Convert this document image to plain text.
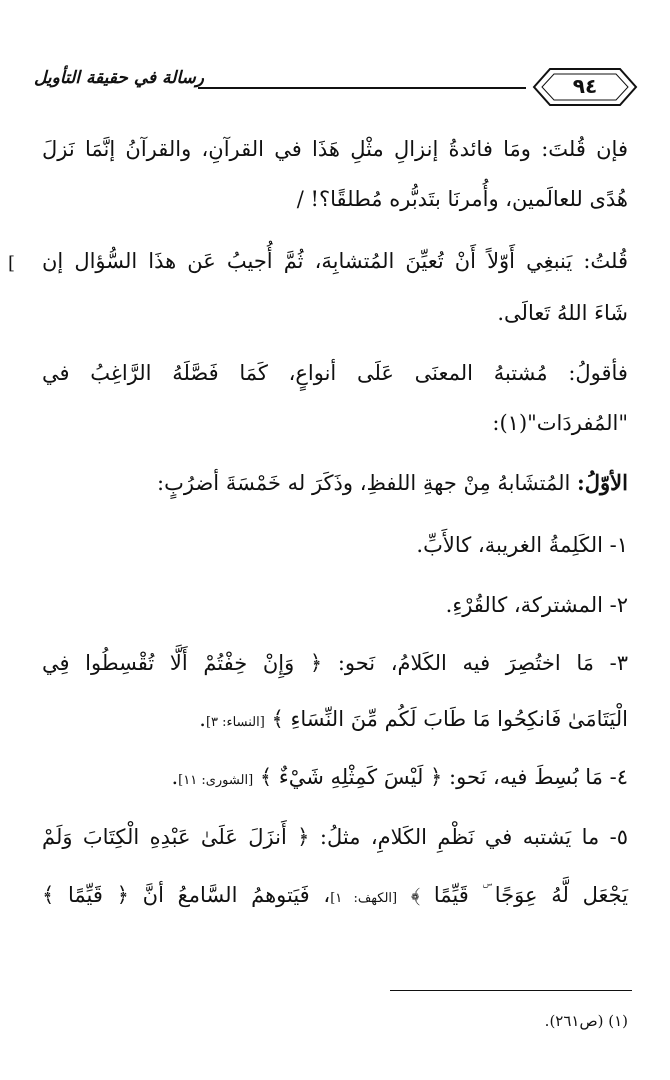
رسالة في حقيقة التأويل	٩٤
[
فإن قُلتَ: ومَا فائدةُ إنزالِ مثْلِ هَذَا في القرآنِ، والقرآنُ إنَّمَا نَزلَ
هُدًى للعالَمين، وأُمرنَا بتَدبُّره مُطلقًا؟! /
قُلتُ: يَنبغِي أَوّلاً أَنْ تُعيِّنَ المُتشابِهَ، ثُمَّ أُجيبُ عَن هذَا السُّؤال إن
شَاءَ اللهُ تَعالَى.
فأقولُ: مُشتبهُ المعنَى عَلَى أنواعٍ، كَمَا فَصَّلَهُ الرَّاغِبُ في
"المُفردَات"(١):
الأوّلُ: المُتشَابهُ مِنْ جهةِ اللفظِ، وذَكَرَ له خَمْسَةَ أضرُبٍ:
١- الكَلِمةُ الغريبة، كالأَبِّ.
٢- المشتركة، كالقُرْءِ.
٣- مَا اختُصِرَ فيه الكَلامُ، نَحو: ﴿ وَإِنْ خِفْتُمْ أَلَّا تُقْسِطُوا فِي
الْيَتَامَىٰ فَانكِحُوا مَا طَابَ لَكُم مِّنَ النِّسَاءِ ﴾ [النساء: ٣].
٤- مَا بُسِطَ فيه، نَحو: ﴿ لَيْسَ كَمِثْلِهِ شَيْءٌ ﴾ [الشورى: ١١].
٥- ما يَشتبه في نَظْمِ الكَلامِ، مثلُ: ﴿ أَنزَلَ عَلَىٰ عَبْدِهِ الْكِتَابَ وَلَمْ
يَجْعَل لَّهُ عِوَجًا ۜ قَيِّمًا ﴾ [الكهف: ١]، فَيَتوهمُ السَّامعُ أنَّ ﴿ قَيِّمًا ﴾
(١) (ص٢٦١).
